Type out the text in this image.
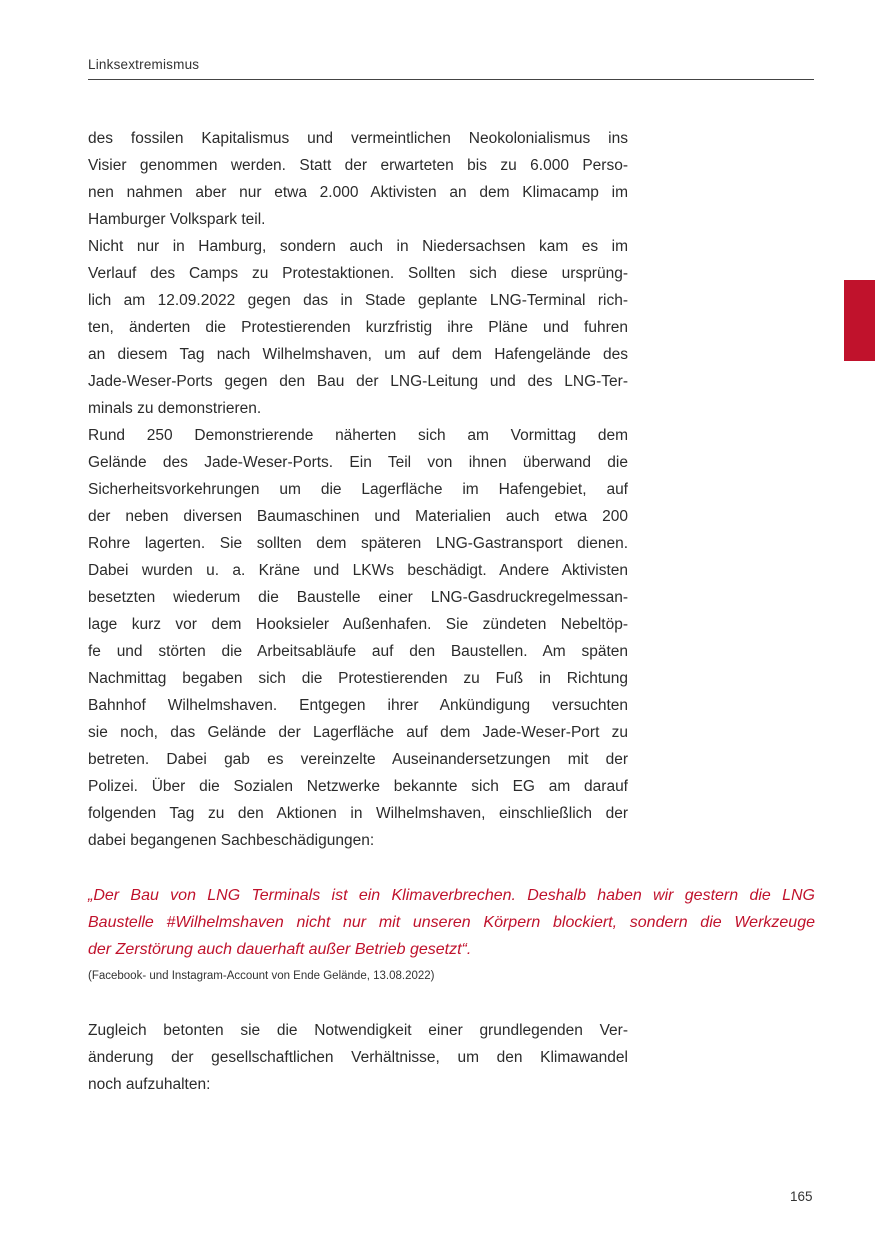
Linksextremismus
des fossilen Kapitalismus und vermeintlichen Neokolonialismus ins
Visier genommen werden. Statt der erwarteten bis zu 6.000 Perso-
nen nahmen aber nur etwa 2.000 Aktivisten an dem Klimacamp im
Hamburger Volkspark teil.
Nicht nur in Hamburg, sondern auch in Niedersachsen kam es im
Verlauf des Camps zu Protestaktionen. Sollten sich diese ursprüng-
lich am 12.09.2022 gegen das in Stade geplante LNG-Terminal rich-
ten, änderten die Protestierenden kurzfristig ihre Pläne und fuhren
an diesem Tag nach Wilhelmshaven, um auf dem Hafengelände des
Jade-Weser-Ports gegen den Bau der LNG-Leitung und des LNG-Ter-
minals zu demonstrieren.
Rund 250 Demonstrierende näherten sich am Vormittag dem
Gelände des Jade-Weser-Ports. Ein Teil von ihnen überwand die
Sicherheitsvorkehrungen um die Lagerfläche im Hafengebiet, auf
der neben diversen Baumaschinen und Materialien auch etwa 200
Rohre lagerten. Sie sollten dem späteren LNG-Gastransport dienen.
Dabei wurden u. a. Kräne und LKWs beschädigt. Andere Aktivisten
besetzten wiederum die Baustelle einer LNG-Gasdruckregelmessan-
lage kurz vor dem Hooksieler Außenhafen. Sie zündeten Nebeltöp-
fe und störten die Arbeitsabläufe auf den Baustellen. Am späten
Nachmittag begaben sich die Protestierenden zu Fuß in Richtung
Bahnhof Wilhelmshaven. Entgegen ihrer Ankündigung versuchten
sie noch, das Gelände der Lagerfläche auf dem Jade-Weser-Port zu
betreten. Dabei gab es vereinzelte Auseinandersetzungen mit der
Polizei. Über die Sozialen Netzwerke bekannte sich EG am darauf
folgenden Tag zu den Aktionen in Wilhelmshaven, einschließlich der
dabei begangenen Sachbeschädigungen:
„Der Bau von LNG Terminals ist ein Klimaverbrechen. Deshalb haben wir gestern die LNG
Baustelle #Wilhelmshaven nicht nur mit unseren Körpern blockiert, sondern die Werkzeuge
der Zerstörung auch dauerhaft außer Betrieb gesetzt“.
(Facebook- und Instagram-Account von Ende Gelände, 13.08.2022)
Zugleich betonten sie die Notwendigkeit einer grundlegenden Ver-
änderung der gesellschaftlichen Verhältnisse, um den Klimawandel
noch aufzuhalten:
165
